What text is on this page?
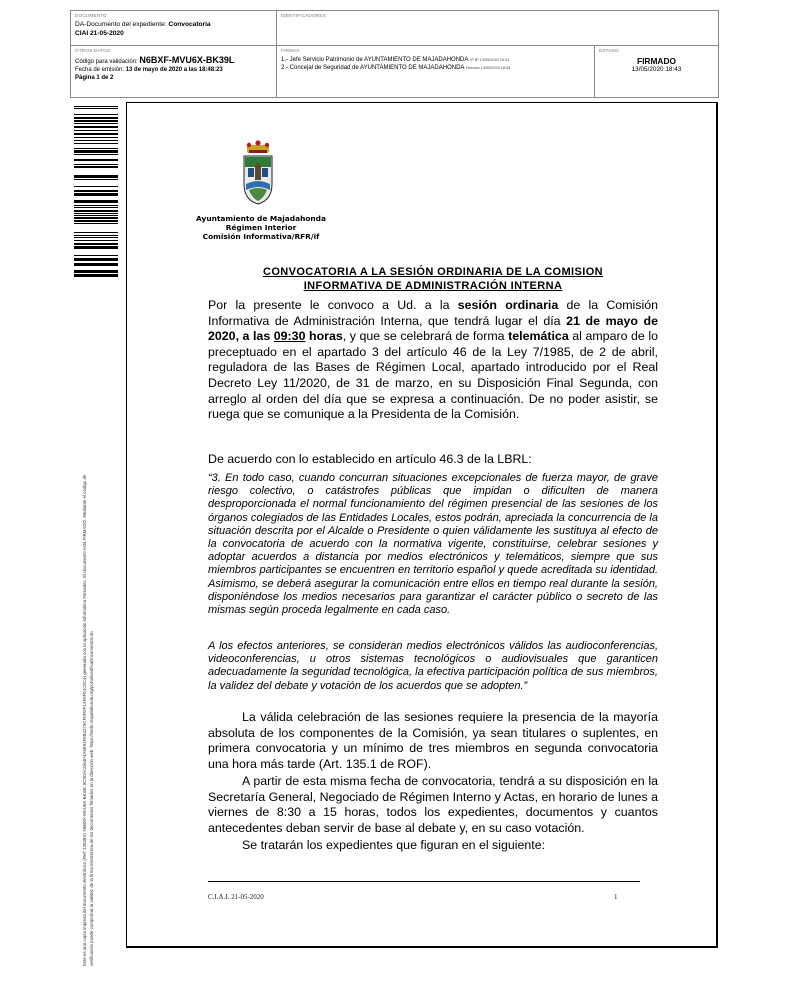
DOCUMENTO
DA-Documento del expediente: Convocatoria
CIAI 21-05-2020
IDENTIFICADORES
OTROS DATOS
Código para validación: N6BXF-MVU6X-BK39L
Fecha de emisión: 13 de mayo de 2020 a las 18:48:23
Página 1 de 2
FIRMAS
1.- Jefe Servicio Patrimonio de AYUNTAMIENTO DE MAJADAHONDA Vº Bº 13/05/2020 16:31
2.- Concejal de Seguridad de AYUNTAMIENTO DE MAJADAHONDA Firmado 13/05/2020 18:43
ESTADO
FIRMADO
13/05/2020 18:43
Este es una copia impresa del documento electrónico (Ref: 1253591 N6BXF-MVU6X-BK39L 8C9DACD64F4A6E91F6B4279CF0FDF1AF6F01C0C4) generada con la aplicación informática Firmadoc. El documento está FIRMADO. Mediante el código de verificación puede comprobar la validez de la firma electrónica de los documentos firmados en la dirección web: https://sede.majadahonda.org/portal/verificaDocumentos.do
Ayuntamiento de Majadahonda
Régimen Interior
Comisión Informativa/RFR/if
CONVOCATORIA A LA SESIÓN ORDINARIA DE LA COMISION
INFORMATIVA DE ADMINISTRACIÓN INTERNA

Por la presente le convoco a Ud. a la sesión ordinaria de la Comisión Informativa de Administración Interna, que tendrá lugar el día 21 de mayo de 2020, a las 09:30 horas, y que se celebrará de forma telemática al amparo de lo preceptuado en el apartado 3 del artículo 46 de la Ley 7/1985, de 2 de abril, reguladora de las Bases de Régimen Local, apartado introducido por el Real Decreto Ley 11/2020, de 31 de marzo, en su Disposición Final Segunda, con arreglo al orden del día que se expresa a continuación. De no poder asistir, se ruega que se comunique a la Presidenta de la Comisión.

De acuerdo con lo establecido en artículo 46.3 de la LBRL:
“3. En todo caso, cuando concurran situaciones excepcionales de fuerza mayor, de grave riesgo colectivo, o catástrofes públicas que impidan o dificulten de manera desproporcionada el normal funcionamiento del régimen presencial de las sesiones de los órganos colegiados de las Entidades Locales, estos podrán, apreciada la concurrencia de la situación descrita por el Alcalde o Presidente o quien válidamente les sustituya al efecto de la convocatoria de acuerdo con la normativa vigente, constituirse, celebrar sesiones y adoptar acuerdos a distancia por medios electrónicos y telemáticos, siempre que sus miembros participantes se encuentren en territorio español y quede acreditada su identidad. Asimismo, se deberá asegurar la comunicación entre ellos en tiempo real durante la sesión, disponiéndose los medios necesarios para garantizar el carácter público o secreto de las mismas según proceda legalmente en cada caso.
A los efectos anteriores, se consideran medios electrónicos válidos las audioconferencias, videoconferencias, u otros sistemas tecnológicos o audiovisuales que garanticen adecuadamente la seguridad tecnológica, la efectiva participación política de sus miembros, la validez del debate y votación de los acuerdos que se adopten.”
La válida celebración de las sesiones requiere la presencia de la mayoría absoluta de los componentes de la Comisión, ya sean titulares o suplentes, en primera convocatoria y un mínimo de tres miembros en segunda convocatoria una hora más tarde (Art. 135.1 de ROF).
A partir de esta misma fecha de convocatoria, tendrá a su disposición en la Secretaría General, Negociado de Régimen Interno y Actas, en horario de lunes a viernes de 8:30 a 15 horas, todos los expedientes, documentos y cuantos antecedentes deban servir de base al debate y, en su caso votación.
Se tratarán los expedientes que figuran en el siguiente:
C.I.A.I. 21-05-2020	1
